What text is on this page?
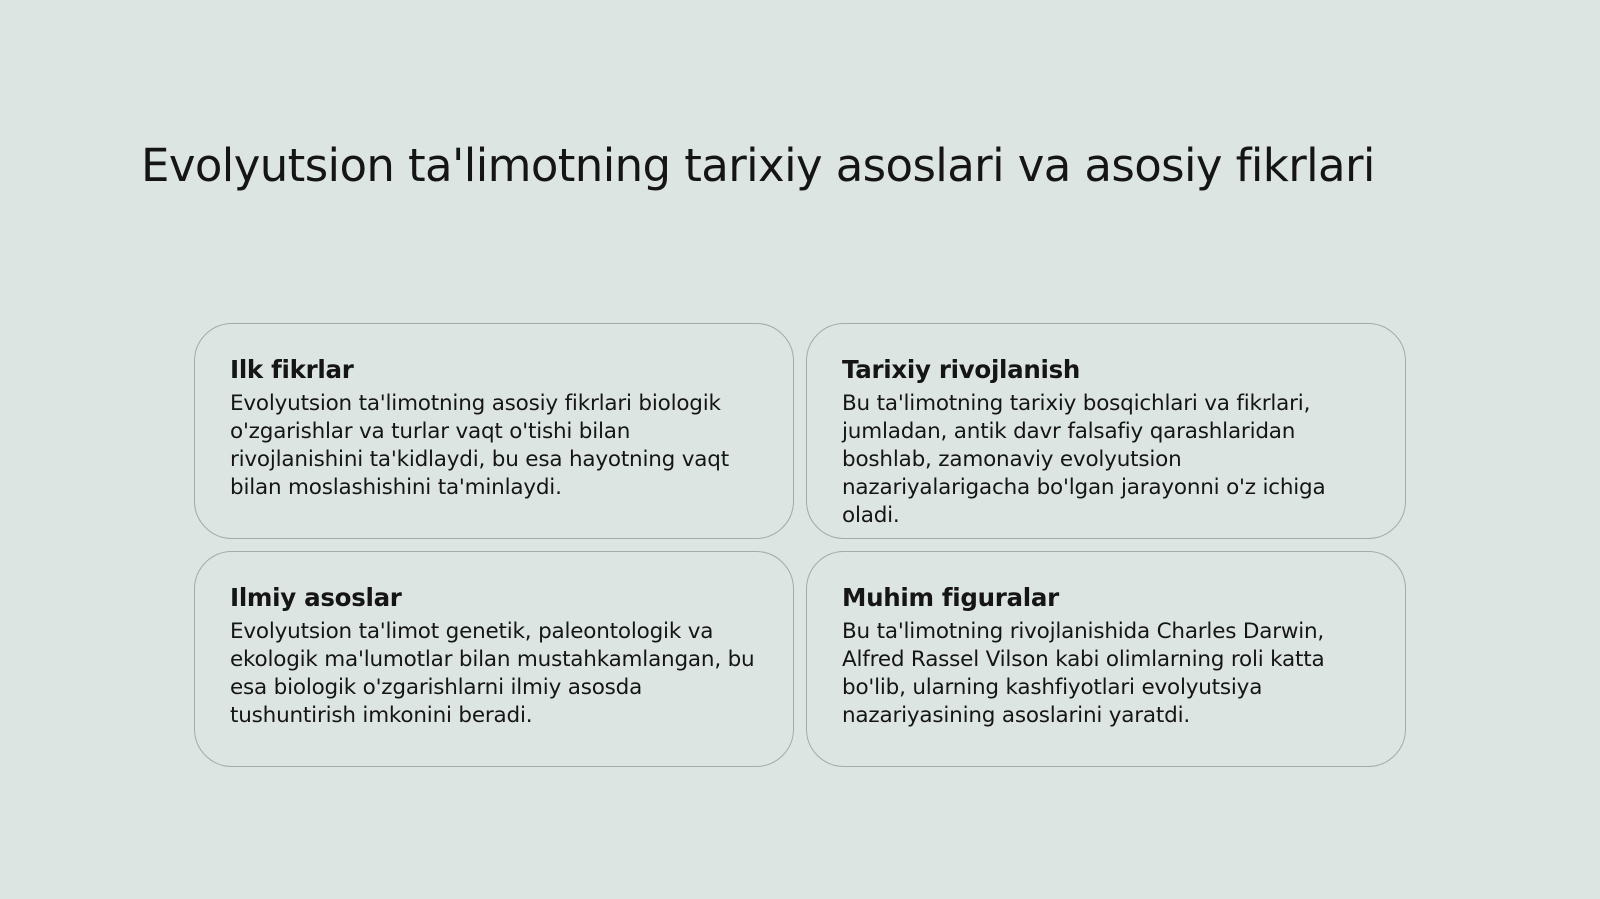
Evolyutsion ta'limotning tarixiy asoslari va asosiy fikrlari
Ilk fikrlar

Evolyutsion ta'limotning asosiy fikrlari biologik o'zgarishlar va turlar vaqt o'tishi bilan rivojlanishini ta'kidlaydi, bu esa hayotning vaqt bilan moslashishini ta'minlaydi.

Tarixiy rivojlanish

Bu ta'limotning tarixiy bosqichlari va fikrlari, jumladan, antik davr falsafiy qarashlaridan boshlab, zamonaviy evolyutsion nazariyalarigacha bo'lgan jarayonni o'z ichiga oladi.

Ilmiy asoslar

Evolyutsion ta'limot genetik, paleontologik va ekologik ma'lumotlar bilan mustahkamlangan, bu esa biologik o'zgarishlarni ilmiy asosda tushuntirish imkonini beradi.

Muhim figuralar

Bu ta'limotning rivojlanishida Charles Darwin, Alfred Rassel Vilson kabi olimlarning roli katta bo'lib, ularning kashfiyotlari evolyutsiya nazariyasining asoslarini yaratdi.
